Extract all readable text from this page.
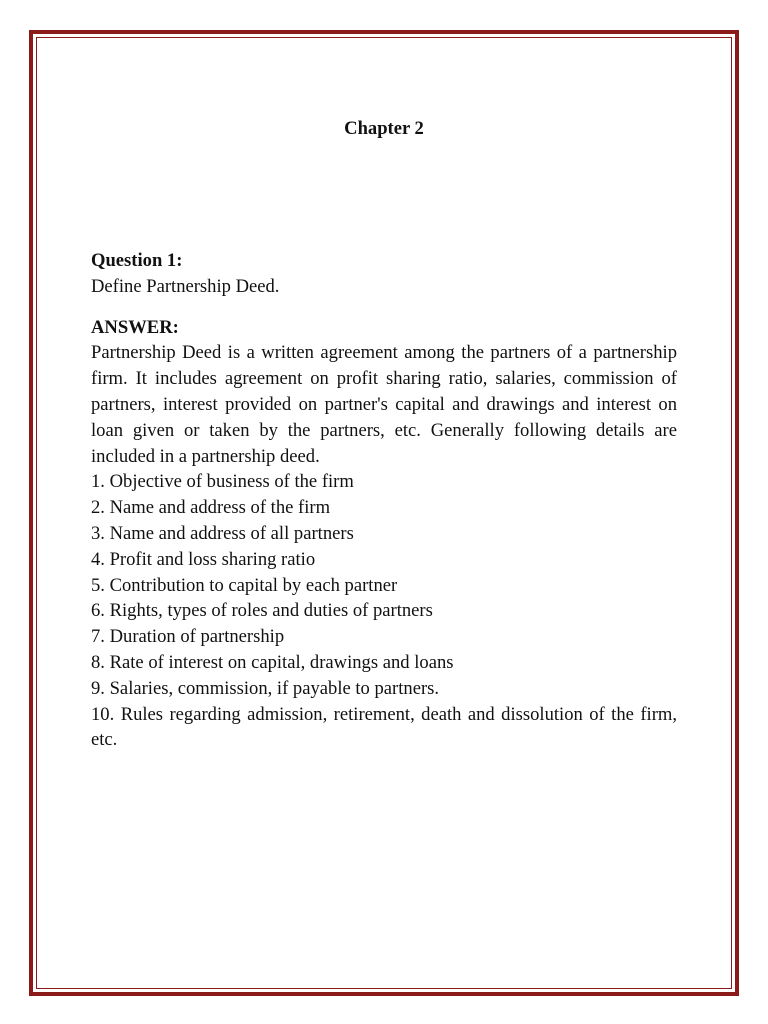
Chapter 2

Question 1:

Define Partnership Deed.

ANSWER:

Partnership Deed is a written agreement among the partners of a partnership firm. It includes agreement on profit sharing ratio, salaries, commission of partners, interest provided on partner's capital and drawings and interest on loan given or taken by the partners, etc. Generally following details are included in a partnership deed.

1. Objective of business of the firm
2. Name and address of the firm
3. Name and address of all partners
4. Profit and loss sharing ratio
5. Contribution to capital by each partner
6. Rights, types of roles and duties of partners
7. Duration of partnership
8. Rate of interest on capital, drawings and loans
9. Salaries, commission, if payable to partners.
10. Rules regarding admission, retirement, death and dissolution of the firm, etc.
